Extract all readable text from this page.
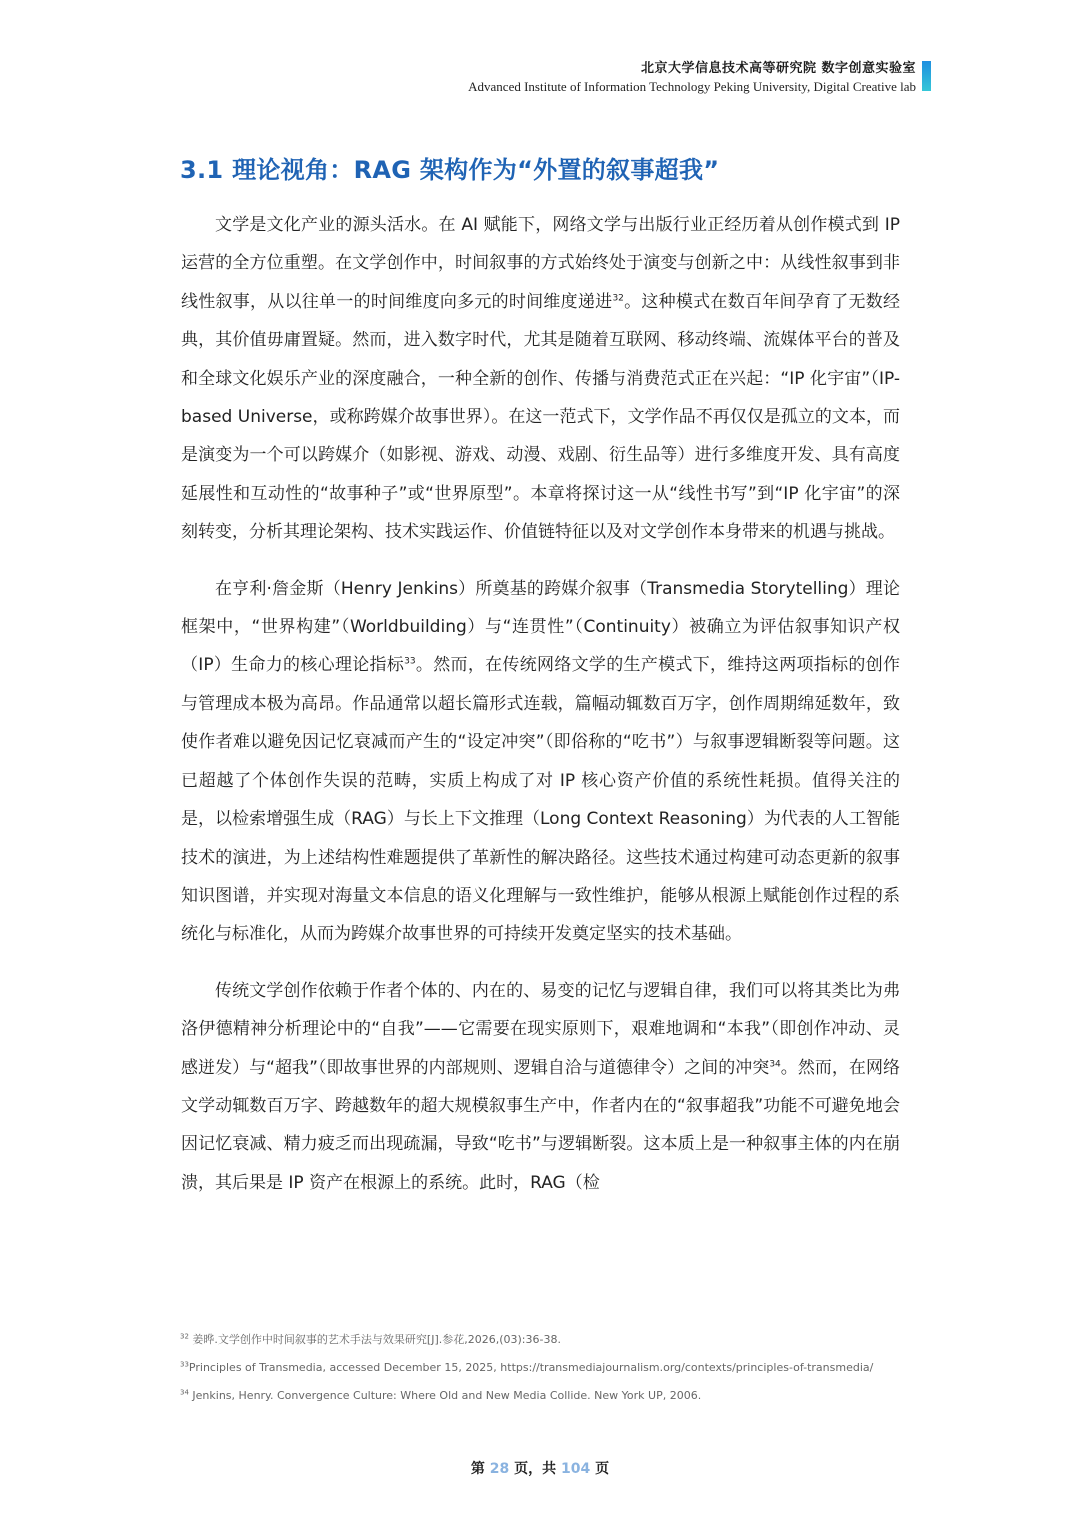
北京大学信息技术高等研究院 数字创意实验室
Advanced Institute of Information Technology Peking University, Digital Creative lab
3.1 理论视角：RAG 架构作为“外置的叙事超我”

文学是文化产业的源头活水。在 AI 赋能下，网络文学与出版行业正经历着从创作模式到 IP 运营的全方位重塑。在文学创作中，时间叙事的方式始终处于演变与创新之中：从线性叙事到非线性叙事，从以往单一的时间维度向多元的时间维度递进$^{32}$。这种模式在数百年间孕育了无数经典，其价值毋庸置疑。然而，进入数字时代，尤其是随着互联网、移动终端、流媒体平台的普及和全球文化娱乐产业的深度融合，一种全新的创作、传播与消费范式正在兴起：“IP 化宇宙”（IP-based Universe，或称跨媒介故事世界）。在这一范式下，文学作品不再仅仅是孤立的文本，而是演变为一个可以跨媒介（如影视、游戏、动漫、戏剧、衍生品等）进行多维度开发、具有高度延展性和互动性的“故事种子”或“世界原型”。本章将探讨这一从“线性书写”到“IP 化宇宙”的深刻转变，分析其理论架构、技术实践运作、价值链特征以及对文学创作本身带来的机遇与挑战。

在亨利·詹金斯（Henry Jenkins）所奠基的跨媒介叙事（Transmedia Storytelling）理论框架中，“世界构建”（Worldbuilding）与“连贯性”（Continuity）被确立为评估叙事知识产权（IP）生命力的核心理论指标$^{33}$。然而，在传统网络文学的生产模式下，维持这两项指标的创作与管理成本极为高昂。作品通常以超长篇形式连载，篇幅动辄数百万字，创作周期绵延数年，致使作者难以避免因记忆衰减而产生的“设定冲突”（即俗称的“吃书”）与叙事逻辑断裂等问题。这已超越了个体创作失误的范畴，实质上构成了对 IP 核心资产价值的系统性耗损。值得关注的是，以检索增强生成（RAG）与长上下文推理（Long Context Reasoning）为代表的人工智能技术的演进，为上述结构性难题提供了革新性的解决路径。这些技术通过构建可动态更新的叙事知识图谱，并实现对海量文本信息的语义化理解与一致性维护，能够从根源上赋能创作过程的系统化与标准化，从而为跨媒介故事世界的可持续开发奠定坚实的技术基础。

传统文学创作依赖于作者个体的、内在的、易变的记忆与逻辑自律，我们可以将其类比为弗洛伊德精神分析理论中的“自我”——它需要在现实原则下，艰难地调和“本我”（即创作冲动、灵感迸发）与“超我”（即故事世界的内部规则、逻辑自洽与道德律令）之间的冲突$^{34}$。然而，在网络文学动辄数百万字、跨越数年的超大规模叙事生产中，作者内在的“叙事超我”功能不可避免地会因记忆衰减、精力疲乏而出现疏漏，导致“吃书”与逻辑断裂。这本质上是一种叙事主体的内在崩溃，其后果是 IP 资产在根源上的系统。此时，RAG（检

$^{32}$ 姜晔.文学创作中时间叙事的艺术手法与效果研究[J].参花,2026,(03):36-38.
$^{33}$Principles of Transmedia, accessed December 15, 2025, https://transmediajournalism.org/contexts/principles-of-transmedia/
$^{34}$ Jenkins, Henry. Convergence Culture: Where Old and New Media Collide. New York UP, 2006.
第 28 页，共 104 页
